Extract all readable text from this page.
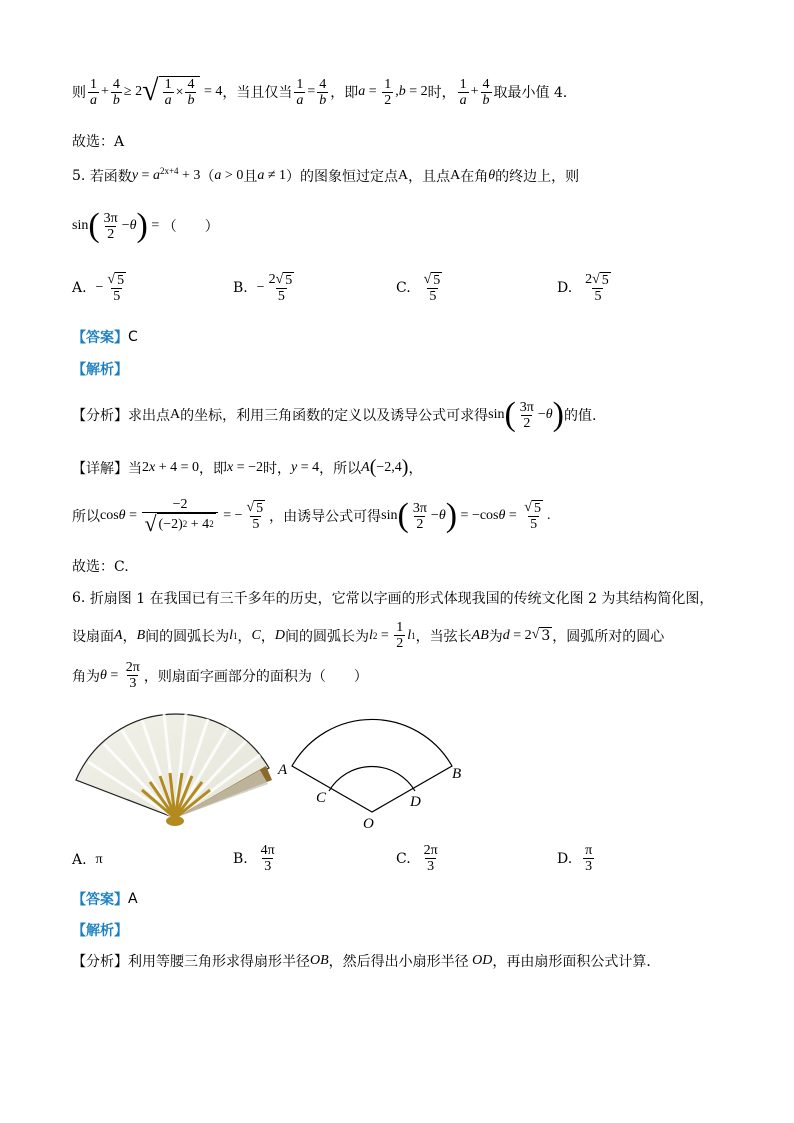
则 $\frac{1}{a} + \frac{4}{b} \ge 2$ √ $\frac{1}{a} \times \frac{4}{b} = 4$ ，当且仅当 $\frac{1}{a} = \frac{4}{b}$ ，即 $a = \frac{1}{2}$ , b = 2 时， $\frac{1}{a} + \frac{4}{b}$ 取最小值 4．
故选：A
5.
若函数 $y = a^{2x+4} + 3$ （ a > 0 且 a ≠ 1 ）的图象恒过定点 A ，且点 A 在角 θ 的终边上，则
sin ( $\frac{3\pi}{2} - \theta$ ) = （　　）
A.
− $\frac{√ 5}{5}$	B.
− $\frac{2 √ 5}{5}$	C.
$\frac{√ 5}{5}$	D.
$\frac{2 √ 5}{5}$
【答案】 C
【解析】
【分析】 求出点 A 的坐标，利用三角函数的定义以及诱导公式可求得 sin ( $\frac{3\pi}{2} - \theta$ ) 的值.
【详解】 当 2 x + 4 = 0 ，即 x = −2 时， y = 4 ，所以 A ( −2,4 ) ，
所以 $\cos \theta = \frac{-2}{√ (-2) 2 + 4 2}$ = − $\frac{√ 5}{5}$ ，由诱导公式可得 sin ( $\frac{3\pi}{2} - \theta$ ) = −cos $\theta = \frac{√ 5}{5}$ .
故选：C.
6.
折扇图 1 在我国已有三千多年的历史，它常以字画的形式体现我国的传统文化图 2 为其结构简化图，
设扇面 A ， B 间的圆弧长为 l 1 ， C ， D 间的圆弧长为 l $2 = \frac{1}{2}$ l 1 ，当弦长 AB 为 d = 2 √ 3 ，圆弧所对的圆心
角为 $\theta = \frac{2\pi}{3}$ ，则扇面字画部分的面积为（　　）
A	B
C	D
O
A.
π	B.
$\frac{4\pi}{3}$	C.
$\frac{2\pi}{3}$	D.
$\frac{\pi}{3}$
【答案】 A
【解析】
【分析】 利用等腰三角形求得扇形半径 OB ，然后得出小扇形半径 OD ，再由扇形面积公式计算．
